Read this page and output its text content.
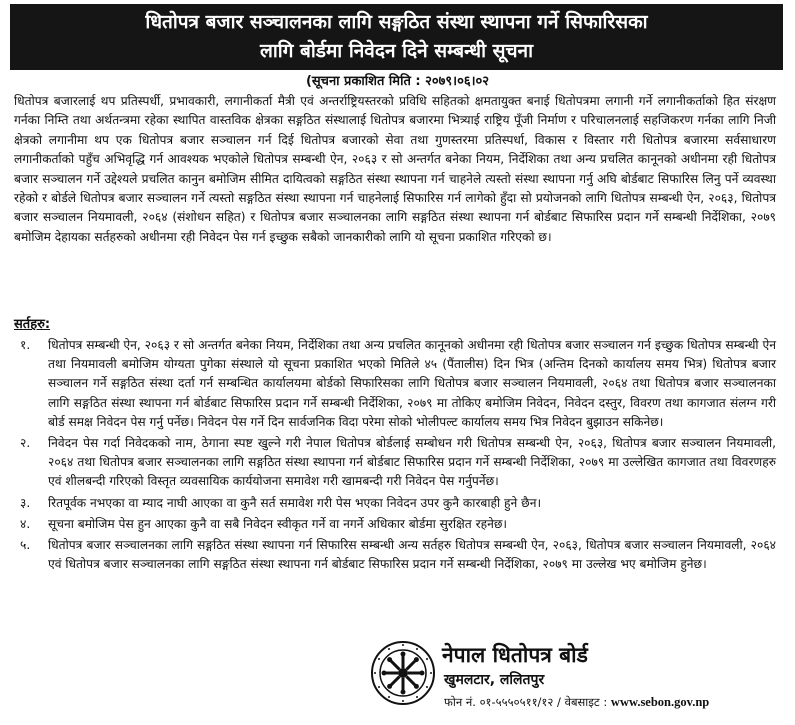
धितोपत्र बजार सञ्चालनका लागि सङ्गठित संस्था स्थापना गर्ने सिफारिसका
लागि बोर्डमा निवेदन दिने सम्बन्धी सूचना
(सूचना प्रकाशित मिति : २०७९।०६।०२
धितोपत्र बजारलाई थप प्रतिस्पर्धी, प्रभावकारी, लगानीकर्ता मैत्री एवं अन्तर्राष्ट्रियस्तरको प्रविधि सहितको क्षमतायुक्त बनाई धितोपत्रमा लगानी गर्ने लगानीकर्ताको हित संरक्षण गर्नका निम्ति तथा अर्थतन्त्रमा रहेका स्थापित वास्तविक क्षेत्रका सङ्गठित संस्थालाई धितोपत्र बजारमा भित्र्याई राष्ट्रिय पूँजी निर्माण र परिचालनलाई सहजिकरण गर्नका लागि निजी क्षेत्रको लगानीमा थप एक धितोपत्र बजार सञ्चालन गर्न दिई धितोपत्र बजारको सेवा तथा गुणस्तरमा प्रतिस्पर्धा, विकास र विस्तार गरी धितोपत्र बजारमा सर्वसाधारण लगानीकर्ताको पहुँच अभिवृद्धि गर्न आवश्यक भएकोले धितोपत्र सम्बन्धी ऐन, २०६३ र सो अन्तर्गत बनेका नियम, निर्देशिका तथा अन्य प्रचलित कानूनको अधीनमा रही धितोपत्र बजार सञ्चालन गर्ने उद्देश्यले प्रचलित कानुन बमोजिम सीमित दायित्वको सङ्गठित संस्था स्थापना गर्न चाहनेले त्यस्तो संस्था स्थापना गर्नु अघि बोर्डबाट सिफारिस लिनु पर्ने व्यवस्था रहेको र बोर्डले धितोपत्र बजार सञ्चालन गर्ने त्यस्तो सङ्गठित संस्था स्थापना गर्न चाहनेलाई सिफारिस गर्न लागेको हुँदा सो प्रयोजनको लागि धितोपत्र सम्बन्धी ऐन, २०६३, धितोपत्र बजार सञ्चालन नियमावली, २०६४ (संशोधन सहित) र धितोपत्र बजार सञ्चालनका लागि सङ्गठित संस्था स्थापना गर्न बोर्डबाट सिफारिस प्रदान गर्ने सम्बन्धी निर्देशिका, २०७९ बमोजिम देहायका सर्तहरुको अधीनमा रही निवेदन पेस गर्न इच्छुक सबैको जानकारीको लागि यो सूचना प्रकाशित गरिएको छ।
सर्तहरु:
१. धितोपत्र सम्बन्धी ऐन, २०६३ र सो अन्तर्गत बनेका नियम, निर्देशिका तथा अन्य प्रचलित कानूनको अधीनमा रही धितोपत्र बजार सञ्चालन गर्न इच्छुक धितोपत्र सम्बन्धी ऐन तथा नियमावली बमोजिम योग्यता पुगेका संस्थाले यो सूचना प्रकाशित भएको मितिले ४५ (पैंतालीस) दिन भित्र (अन्तिम दिनको कार्यालय समय भित्र) धितोपत्र बजार सञ्चालन गर्ने सङ्गठित संस्था दर्ता गर्न सम्बन्धित कार्यालयमा बोर्डको सिफारिसका लागि धितोपत्र बजार सञ्चालन नियमावली, २०६४ तथा धितोपत्र बजार सञ्चालनका लागि सङ्गठित संस्था स्थापना गर्न बोर्डबाट सिफारिस प्रदान गर्ने सम्बन्धी निर्देशिका, २०७९ मा तोकिए बमोजिम निवेदन, निवेदन दस्तुर, विवरण तथा कागजात संलग्न गरी बोर्ड समक्ष निवेदन पेस गर्नु पर्नेछ। निवेदन पेस गर्ने दिन सार्वजनिक विदा परेमा सोको भोलीपल्ट कार्यालय समय भित्र निवेदन बुझाउन सकिनेछ।
२. निवेदन पेस गर्दा निवेदकको नाम, ठेगाना स्पष्ट खुल्ने गरी नेपाल धितोपत्र बोर्डलाई सम्बोधन गरी धितोपत्र सम्बन्धी ऐन, २०६३, धितोपत्र बजार सञ्चालन नियमावली, २०६४ तथा धितोपत्र बजार सञ्चालनका लागि सङ्गठित संस्था स्थापना गर्न बोर्डबाट सिफारिस प्रदान गर्ने सम्बन्धी निर्देशिका, २०७९ मा उल्लेखित कागजात तथा विवरणहरु एवं शीलबन्दी गरिएको विस्तृत व्यवसायिक कार्ययोजना समावेश गरी खामबन्दी गरी निवेदन पेस गर्नुपर्नेछ।
३. रितपूर्वक नभएका वा म्याद नाघी आएका वा कुनै सर्त समावेश गरी पेस भएका निवेदन उपर कुनै कारबाही हुने छैन।
४. सूचना बमोजिम पेस हुन आएका कुनै वा सबै निवेदन स्वीकृत गर्ने वा नगर्ने अधिकार बोर्डमा सुरक्षित रहनेछ।
५. धितोपत्र बजार सञ्चालनका लागि सङ्गठित संस्था स्थापना गर्न सिफारिस सम्बन्धी अन्य सर्तहरु धितोपत्र सम्बन्धी ऐन, २०६३, धितोपत्र बजार सञ्चालन नियमावली, २०६४ एवं धितोपत्र बजार सञ्चालनका लागि सङ्गठित संस्था स्थापना गर्न बोर्डबाट सिफारिस प्रदान गर्ने सम्बन्धी निर्देशिका, २०७९ मा उल्लेख भए बमोजिम हुनेछ।
नेपाल धितोपत्र बोर्ड
खुमलटार, ललितपुर
फोन नं. ०१-५५५०५११/१२ / वेबसाइट : www.sebon.gov.np
